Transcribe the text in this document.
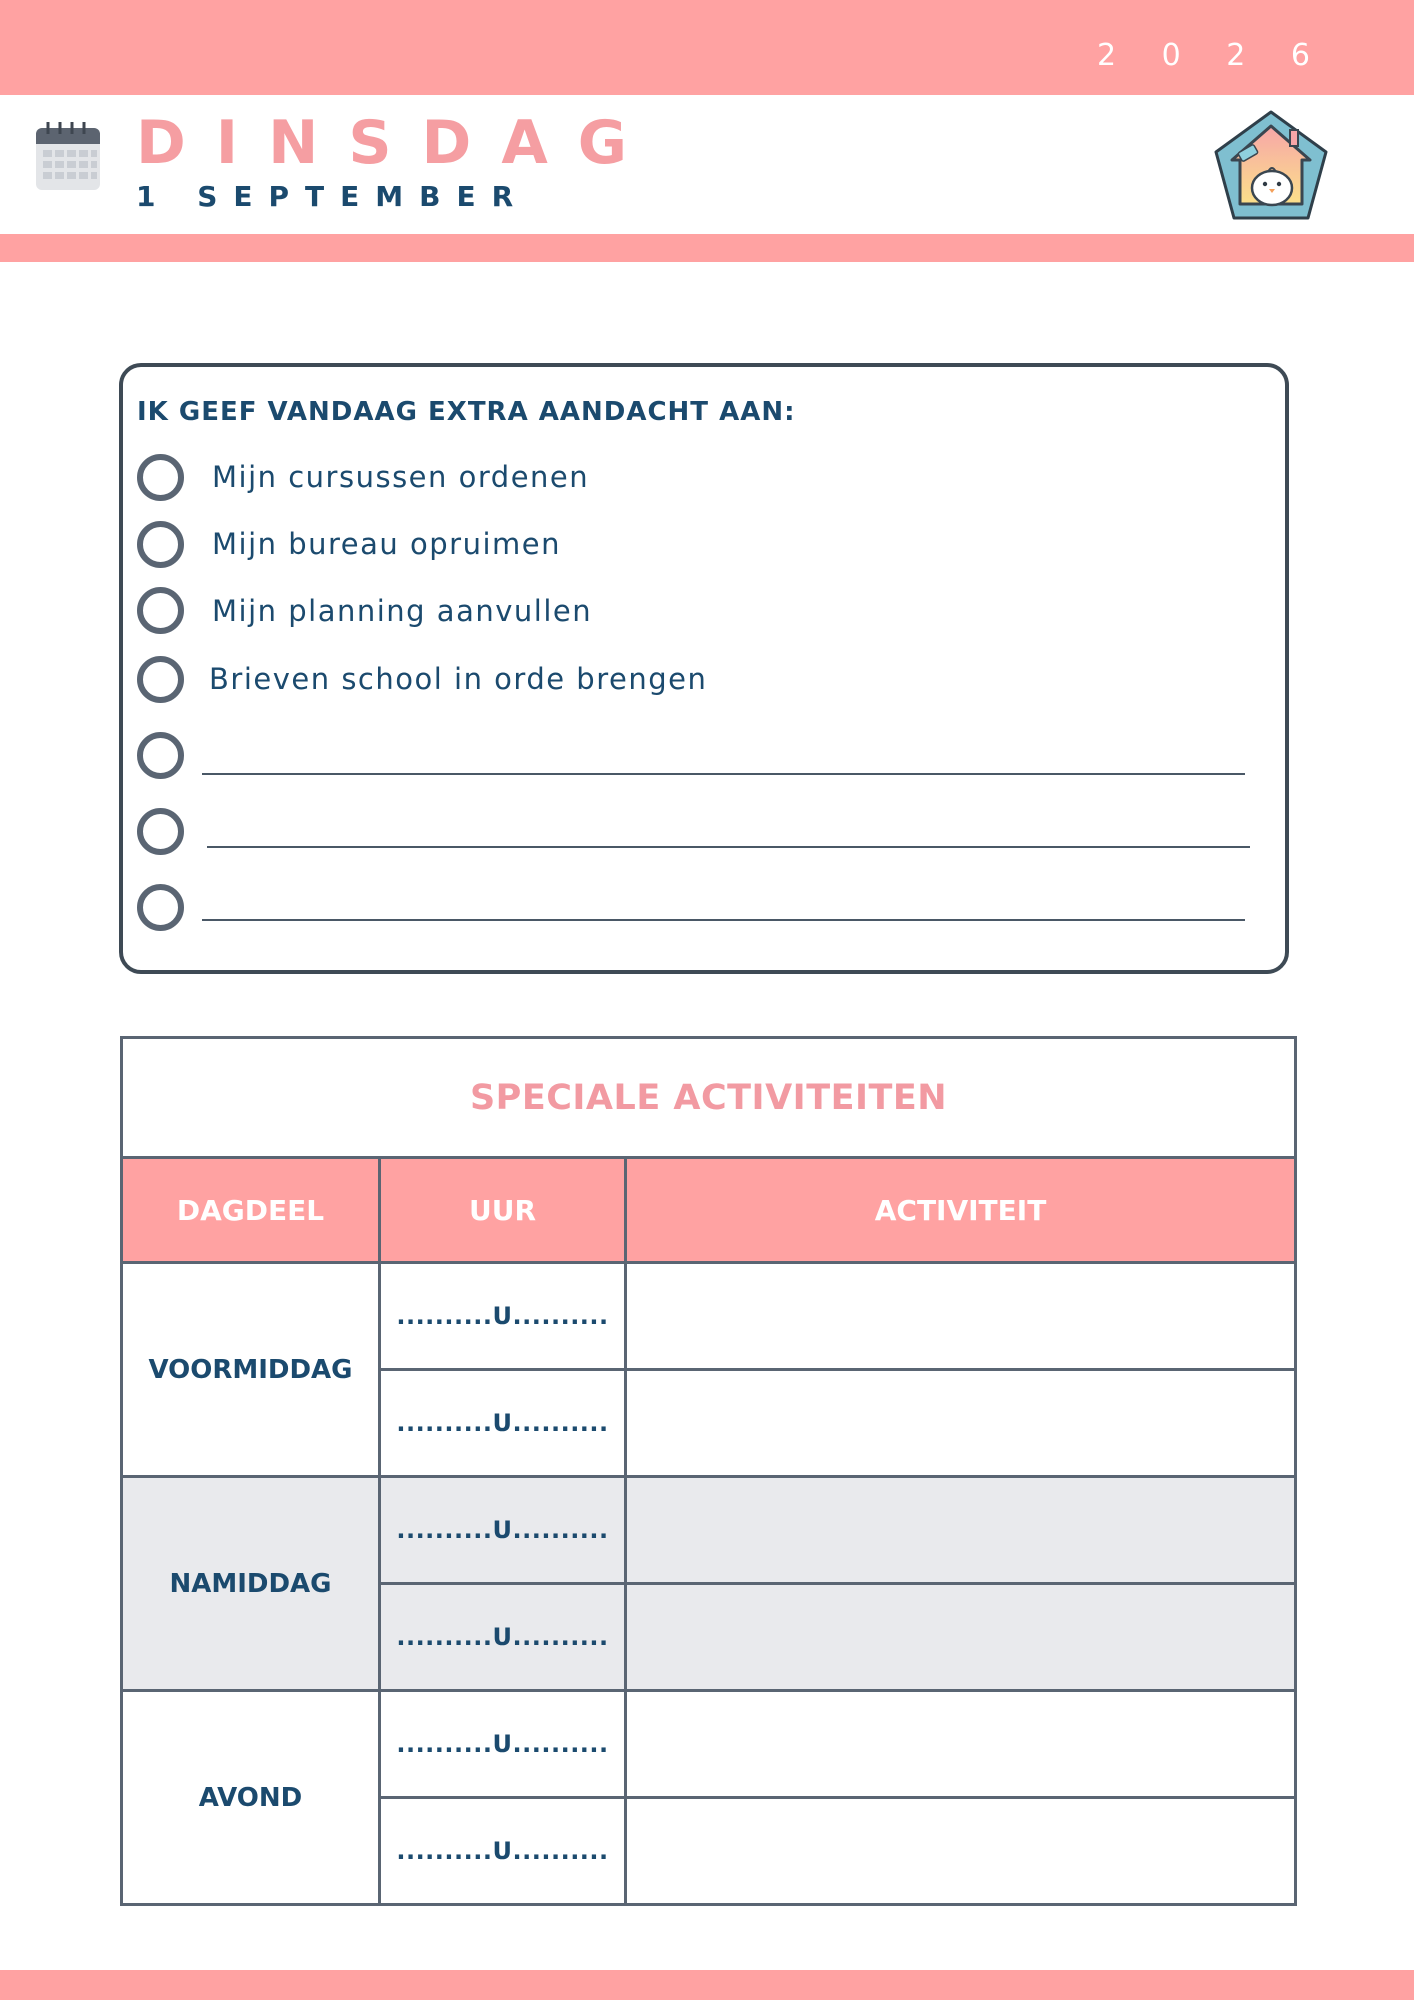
2 0 2 6
DINSDAG
1 SEPTEMBER
IK GEEF VANDAAG EXTRA AANDACHT AAN:
Mijn cursussen ordenen
Mijn bureau opruimen
Mijn planning aanvullen
Brieven school in orde brengen
SPECIALE ACTIVITEITEN		
DAGDEEL	UUR	ACTIVITEIT
VOORMIDDAG	..........U..........	
	..........U..........	
NAMIDDAG	..........U..........	
	..........U..........	
AVOND	..........U..........	
	..........U..........	
